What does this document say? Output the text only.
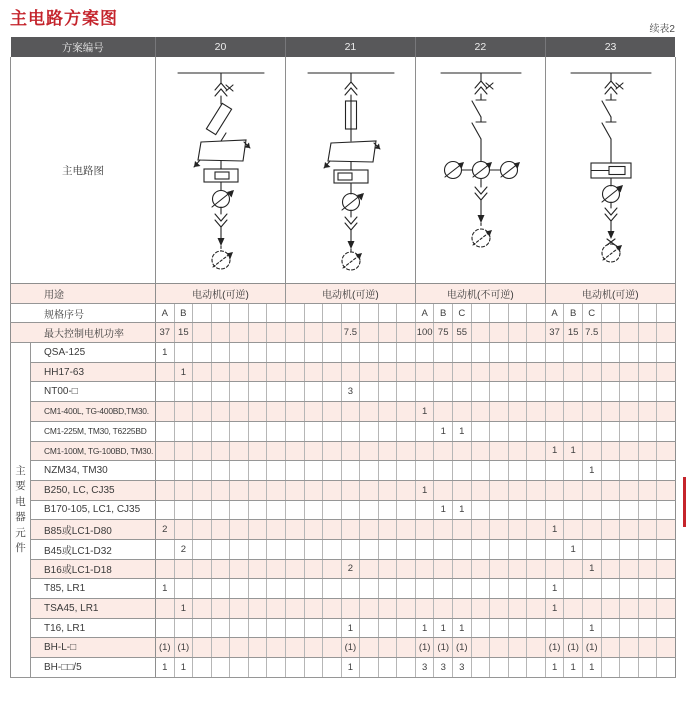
主电路方案图
续表2
方案编号		20							21							22							23						
主电路图	

用途		电动机(可逆)							电动机(可逆)							电动机(不可逆)							电动机(可逆)						
规格序号		A	B													A	B	C					A	B	C				
最大控制电机功率		37	15									7.5				100	75	55					37	15	7.5				

主
要
电
器
元
件
	QSA-125	1																											
	HH17-63		1																										
	NT00-□											3																	
	CM1-400L, TG-400BD,TM30.															1													
	CM1-225M, TM30, T6225BD																1	1											
	CM1-100M, TG-100BD, TM30.																						1	1					
	NZM34, TM30																								1				
	B250, LC, CJ35															1													
	B170-105, LC1, CJ35																1	1											
	B85或LC1-D80	2																					1						
	B45或LC1-D32		2																					1					
	B16或LC1-D18											2													1				
	T85, LR1	1																					1						
	TSA45, LR1		1																				1						
	T16, LR1											1				1	1	1							1				
	BH-L-□	(1)	(1)									(1)				(1)	(1)	(1)					(1)	(1)	(1)				
	BH-□□/5	1	1									1				3	3	3					1	1	1				
